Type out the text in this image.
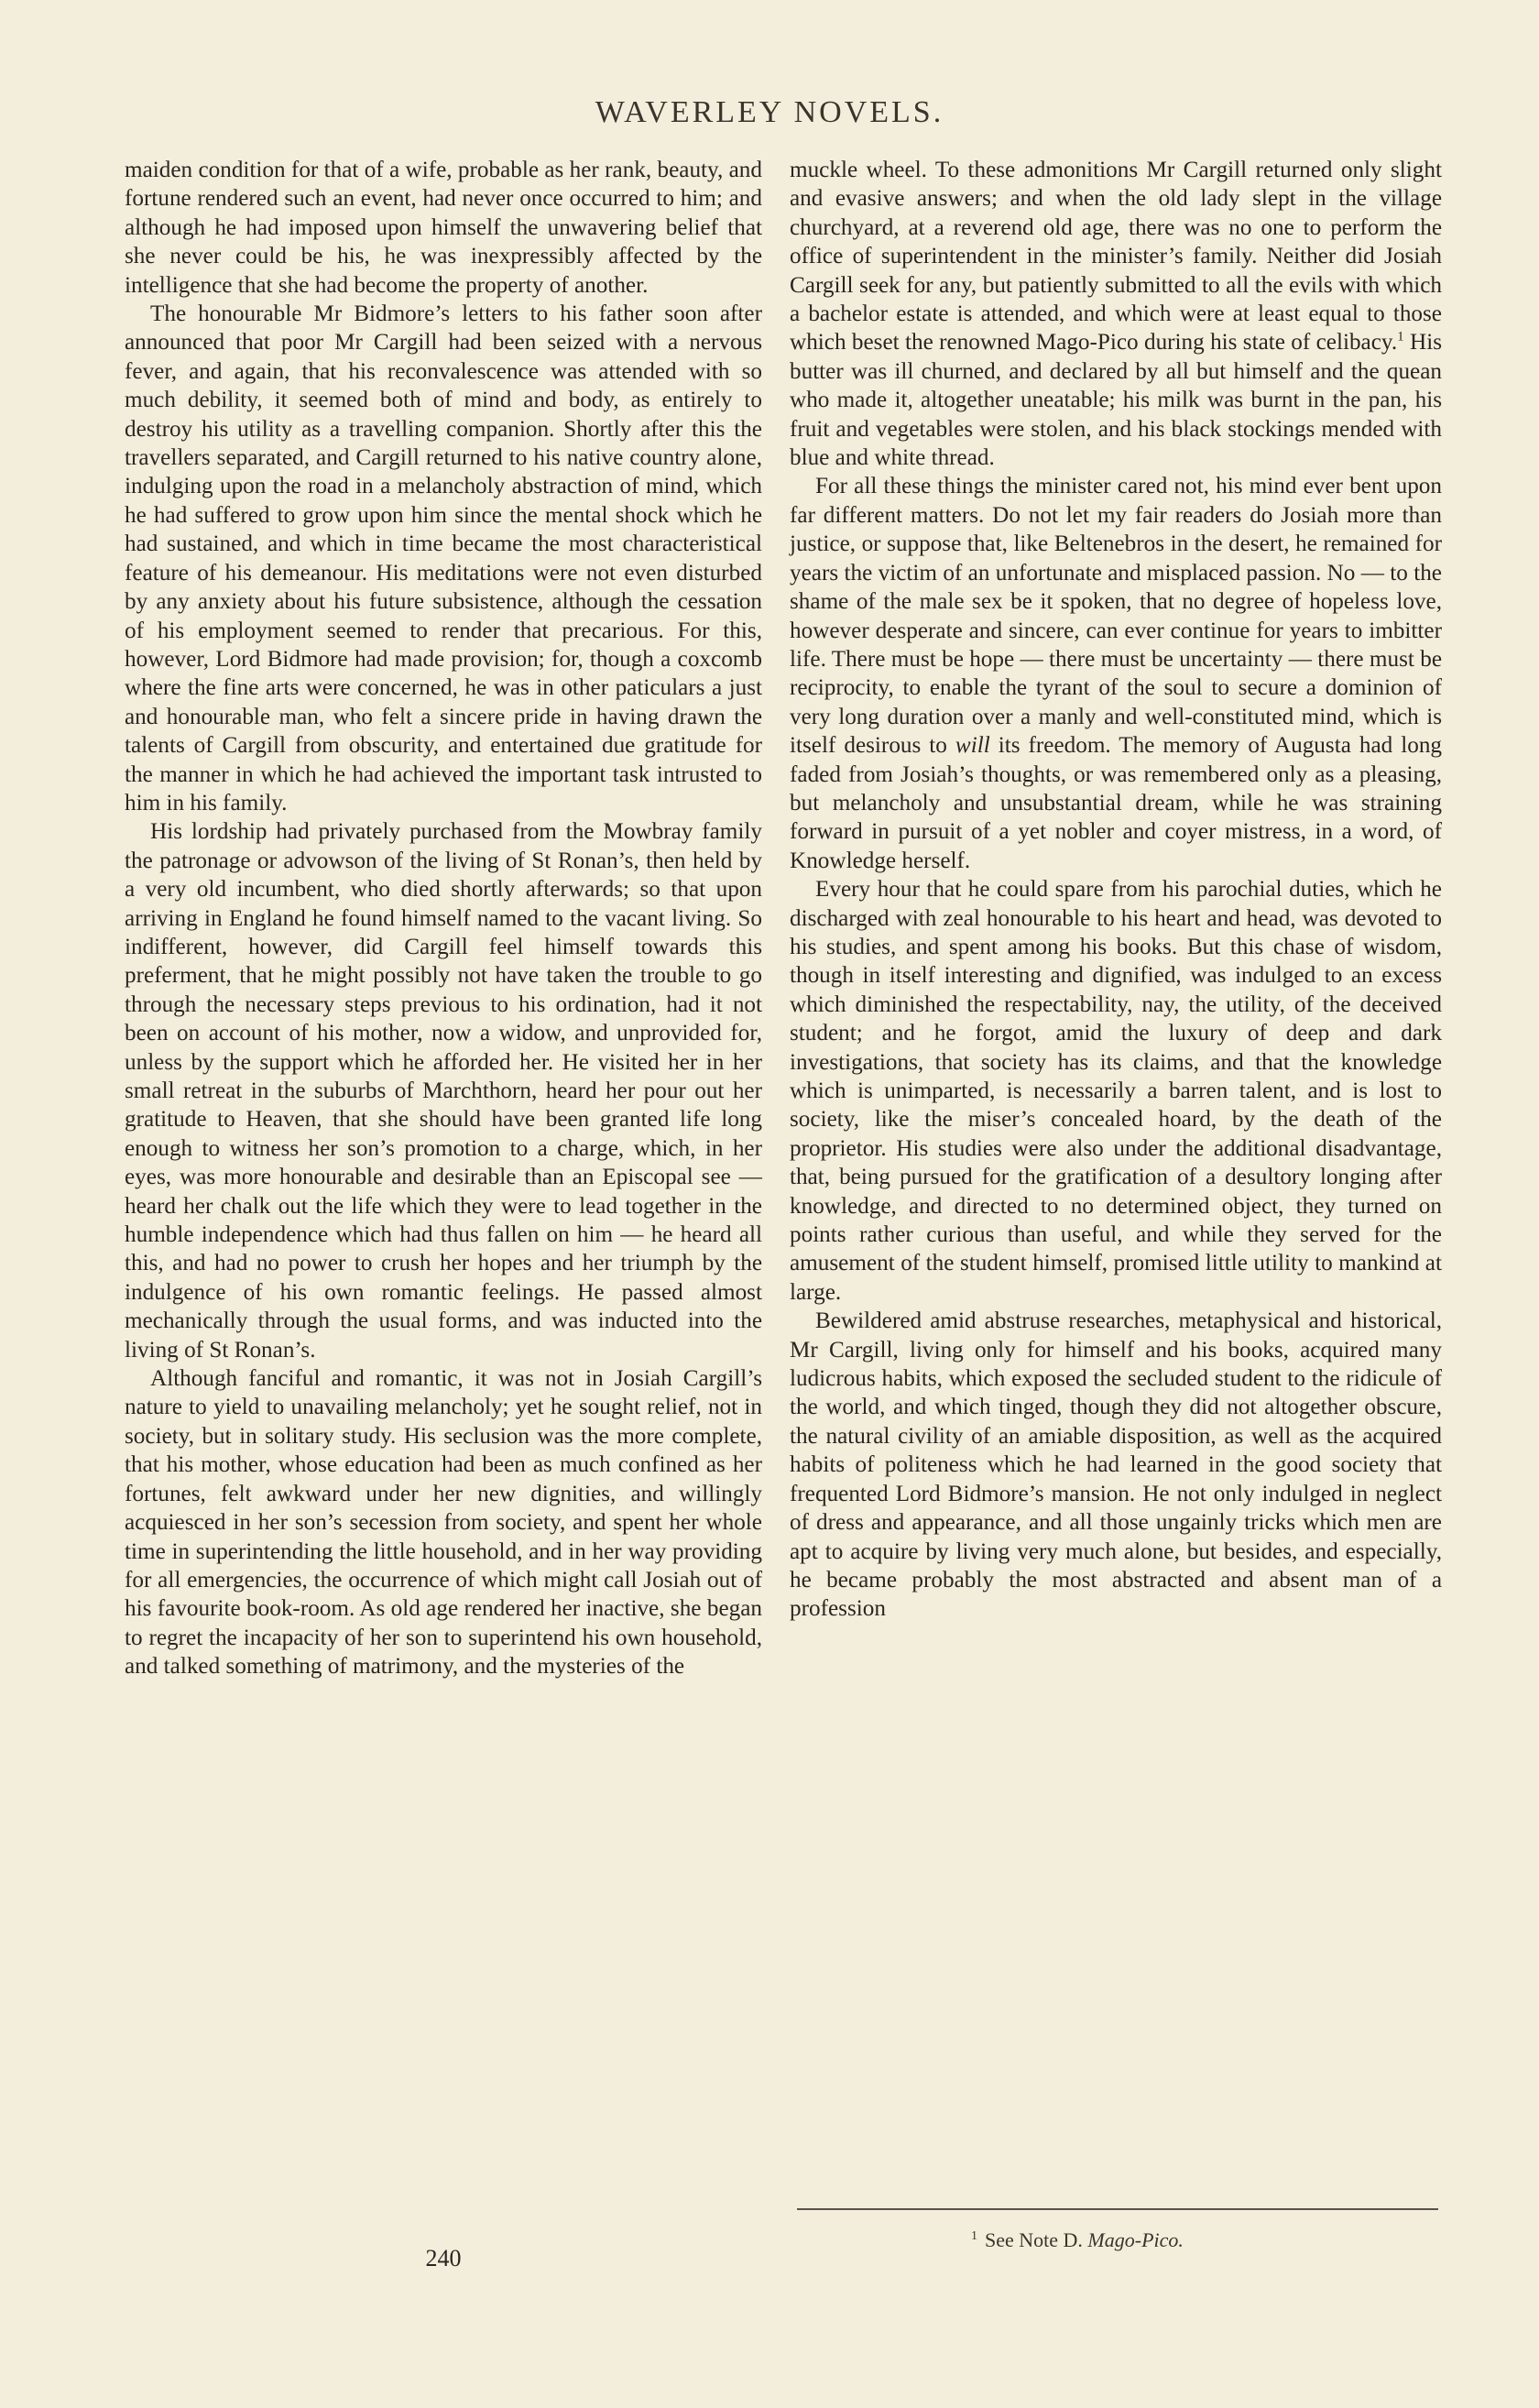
WAVERLEY NOVELS.

maiden condition for that of a wife, probable as her rank, beauty, and fortune rendered such an event, had never once occurred to him; and although he had imposed upon himself the unwavering belief that she never could be his, he was inexpressibly affected by the intelligence that she had become the property of another.

The honourable Mr Bidmore’s letters to his father soon after announced that poor Mr Cargill had been seized with a nervous fever, and again, that his reconvalescence was attended with so much debility, it seemed both of mind and body, as entirely to destroy his utility as a travelling companion. Shortly after this the travellers separated, and Cargill returned to his native country alone, indulging upon the road in a melancholy abstraction of mind, which he had suffered to grow upon him since the mental shock which he had sustained, and which in time became the most characteristical feature of his demeanour. His meditations were not even disturbed by any anxiety about his future subsistence, although the cessation of his employment seemed to render that precarious. For this, however, Lord Bidmore had made provision; for, though a coxcomb where the fine arts were concerned, he was in other paticulars a just and honourable man, who felt a sincere pride in having drawn the talents of Cargill from obscurity, and entertained due gratitude for the manner in which he had achieved the important task intrusted to him in his family.

His lordship had privately purchased from the Mowbray family the patronage or advowson of the living of St Ronan’s, then held by a very old incumbent, who died shortly afterwards; so that upon arriving in England he found himself named to the vacant living. So indifferent, however, did Cargill feel himself towards this preferment, that he might possibly not have taken the trouble to go through the necessary steps previous to his ordination, had it not been on account of his mother, now a widow, and unprovided for, unless by the support which he afforded her. He visited her in her small retreat in the suburbs of Marchthorn, heard her pour out her gratitude to Heaven, that she should have been granted life long enough to witness her son’s promotion to a charge, which, in her eyes, was more honourable and desirable than an Episcopal see — heard her chalk out the life which they were to lead together in the humble independence which had thus fallen on him — he heard all this, and had no power to crush her hopes and her triumph by the indulgence of his own romantic feelings. He passed almost mechanically through the usual forms, and was inducted into the living of St Ronan’s.

Although fanciful and romantic, it was not in Josiah Cargill’s nature to yield to unavailing melancholy; yet he sought relief, not in society, but in solitary study. His seclusion was the more complete, that his mother, whose education had been as much confined as her fortunes, felt awkward under her new dignities, and willingly acquiesced in her son’s secession from society, and spent her whole time in superintending the little household, and in her way providing for all emergencies, the occurrence of which might call Josiah out of his favourite book-room. As old age rendered her inactive, she began to regret the incapacity of her son to superintend his own household, and talked something of matrimony, and the mysteries of the

muckle wheel. To these admonitions Mr Cargill returned only slight and evasive answers; and when the old lady slept in the village churchyard, at a reverend old age, there was no one to perform the office of superintendent in the minister’s family. Neither did Josiah Cargill seek for any, but patiently submitted to all the evils with which a bachelor estate is attended, and which were at least equal to those which beset the renowned Mago-Pico during his state of celibacy.$^1$ His butter was ill churned, and declared by all but himself and the quean who made it, altogether uneatable; his milk was burnt in the pan, his fruit and vegetables were stolen, and his black stockings mended with blue and white thread.

For all these things the minister cared not, his mind ever bent upon far different matters. Do not let my fair readers do Josiah more than justice, or suppose that, like Beltenebros in the desert, he remained for years the victim of an unfortunate and misplaced passion. No — to the shame of the male sex be it spoken, that no degree of hopeless love, however desperate and sincere, can ever continue for years to imbitter life. There must be hope — there must be uncertainty — there must be reciprocity, to enable the tyrant of the soul to secure a dominion of very long duration over a manly and well-constituted mind, which is itself desirous to will its freedom. The memory of Augusta had long faded from Josiah’s thoughts, or was remembered only as a pleasing, but melancholy and unsubstantial dream, while he was straining forward in pursuit of a yet nobler and coyer mistress, in a word, of Knowledge herself.

Every hour that he could spare from his parochial duties, which he discharged with zeal honourable to his heart and head, was devoted to his studies, and spent among his books. But this chase of wisdom, though in itself interesting and dignified, was indulged to an excess which diminished the respectability, nay, the utility, of the deceived student; and he forgot, amid the luxury of deep and dark investigations, that society has its claims, and that the knowledge which is unimparted, is necessarily a barren talent, and is lost to society, like the miser’s concealed hoard, by the death of the proprietor. His studies were also under the additional disadvantage, that, being pursued for the gratification of a desultory longing after knowledge, and directed to no determined object, they turned on points rather curious than useful, and while they served for the amusement of the student himself, promised little utility to mankind at large.

Bewildered amid abstruse researches, metaphysical and historical, Mr Cargill, living only for himself and his books, acquired many ludicrous habits, which exposed the secluded student to the ridicule of the world, and which tinged, though they did not altogether obscure, the natural civility of an amiable disposition, as well as the acquired habits of politeness which he had learned in the good society that frequented Lord Bidmore’s mansion. He not only indulged in neglect of dress and appearance, and all those ungainly tricks which men are apt to acquire by living very much alone, but besides, and especially, he became probably the most abstracted and absent man of a profession

240
$^1$ See Note D. Mago-Pico.
